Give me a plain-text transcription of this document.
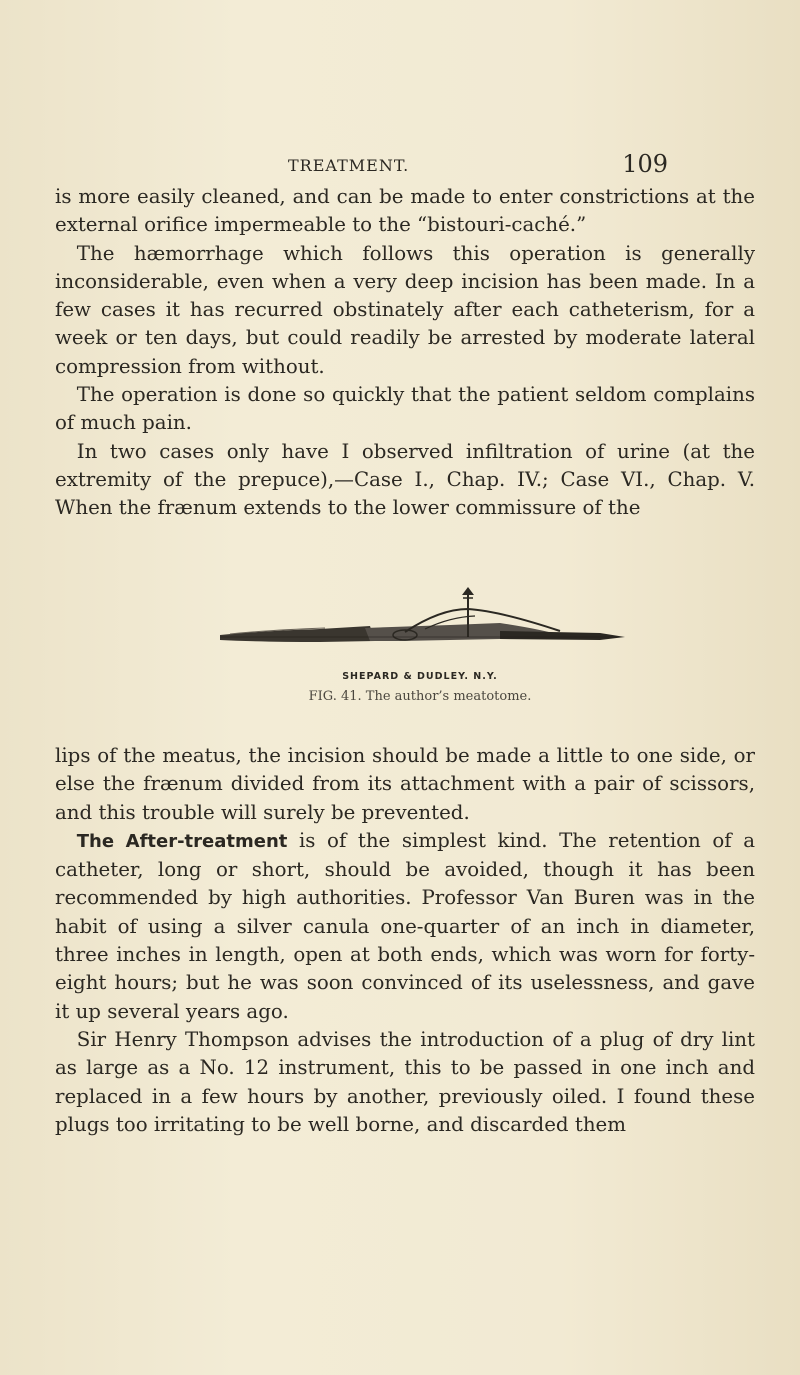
TREATMENT.	109

is more easily cleaned, and can be made to enter constrictions at the external orifice impermeable to the “bistouri-caché.”

The hæmorrhage which follows this operation is generally inconsiderable, even when a very deep incision has been made. In a few cases it has recurred obstinately after each catheterism, for a week or ten days, but could readily be arrested by moderate lateral compression from without.

The operation is done so quickly that the patient seldom complains of much pain.

In two cases only have I observed infiltration of urine (at the extremity of the prepuce),—Case I., Chap. IV.; Case VI., Chap. V. When the frænum extends to the lower commissure of the

SHEPARD & DUDLEY. N.Y.
FIG. 41. The author’s meatotome.

lips of the meatus, the incision should be made a little to one side, or else the frænum divided from its attachment with a pair of scissors, and this trouble will surely be prevented.

The After-treatment is of the simplest kind. The retention of a catheter, long or short, should be avoided, though it has been recommended by high authorities. Professor Van Buren was in the habit of using a silver canula one-quarter of an inch in diameter, three inches in length, open at both ends, which was worn for forty-eight hours; but he was soon convinced of its uselessness, and gave it up several years ago.

Sir Henry Thompson advises the introduction of a plug of dry lint as large as a No. 12 instrument, this to be passed in one inch and replaced in a few hours by another, previously oiled. I found these plugs too irritating to be well borne, and discarded them
